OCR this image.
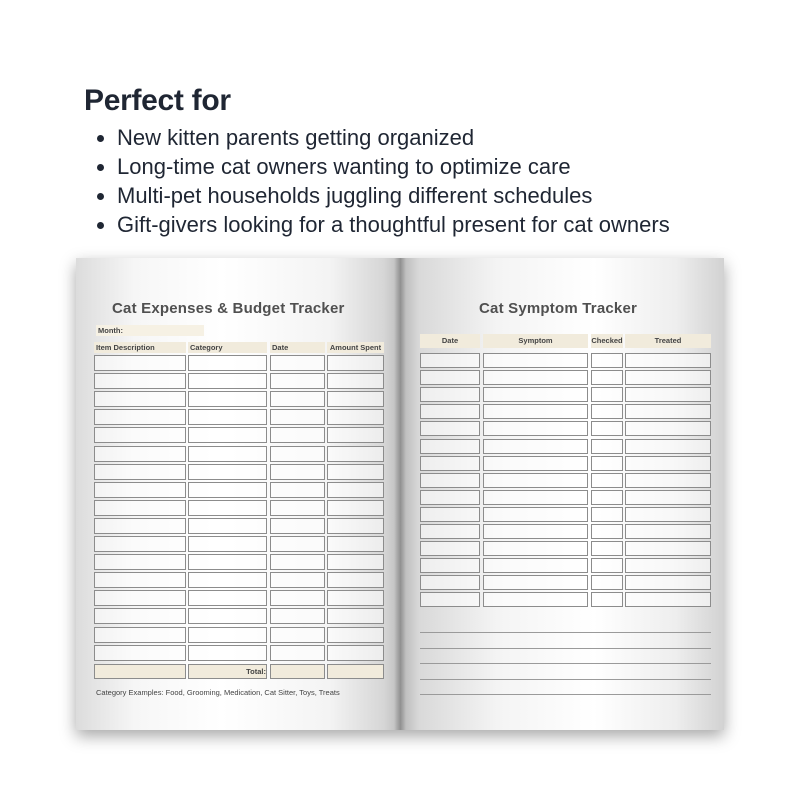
Perfect for
New kitten parents getting organized
Long-time cat owners wanting to optimize care
Multi-pet households juggling different schedules
Gift-givers looking for a thoughtful present for cat owners
Cat Expenses & Budget Tracker
Month:
Category Examples: Food, Grooming, Medication, Cat Sitter, Toys, Treats
Item Description	Category	Date	Amount Spent
Total:
Cat Symptom Tracker
Date	Symptom	Checked	Treated
